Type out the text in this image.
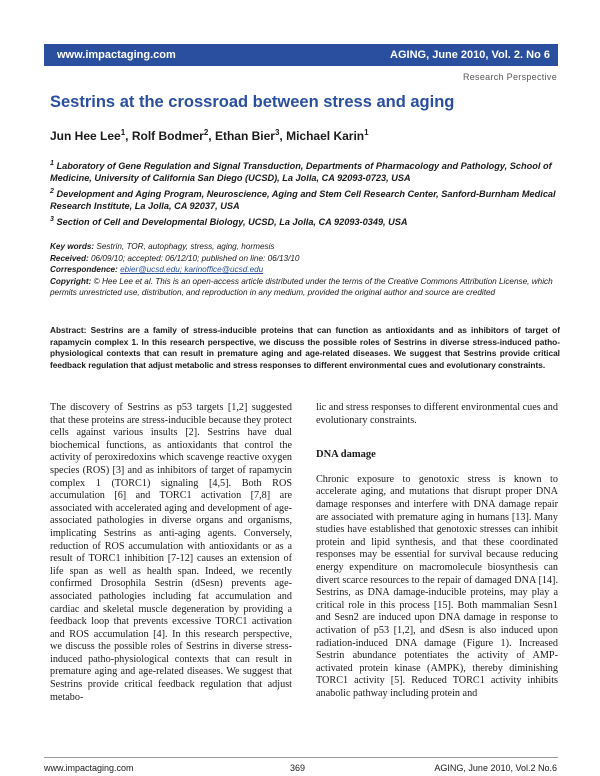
www.impactaging.com	AGING, June 2010, Vol. 2. No 6
Research Perspective
Sestrins at the crossroad between stress and aging
Jun Hee Lee$^1$, Rolf Bodmer$^2$, Ethan Bier$^3$, Michael Karin$^1$
$^1$ Laboratory of Gene Regulation and Signal Transduction, Departments of Pharmacology and Pathology, School of Medicine, University of California San Diego (UCSD), La Jolla, CA 92093-0723, USA
$^2$ Development and Aging Program, Neuroscience, Aging and Stem Cell Research Center, Sanford-Burnham Medical Research Institute, La Jolla, CA 92037, USA
$^3$ Section of Cell and Developmental Biology, UCSD, La Jolla, CA 92093-0349, USA
Key words: Sestrin, TOR, autophagy, stress, aging, hormesis
Received: 06/09/10; accepted: 06/12/10; published on line: 06/13/10
Correspondence: ebier@ucsd.edu; karinoffice@ucsd.edu
Copyright: © Hee Lee et al. This is an open-access article distributed under the terms of the Creative Commons Attribution License, which permits unrestricted use, distribution, and reproduction in any medium, provided the original author and source are credited
Abstract: Sestrins are a family of stress-inducible proteins that can function as antioxidants and as inhibitors of target of rapamycin complex 1. In this research perspective, we discuss the possible roles of Sestrins in diverse stress-induced patho-physiological contexts that can result in premature aging and age-related diseases. We suggest that Sestrins provide critical feedback regulation that adjust metabolic and stress responses to different environmental cues and evolutionary constraints.

The discovery of Sestrins as p53 targets [1,2] suggested that these proteins are stress-inducible because they protect cells against various insults [2]. Sestrins have dual biochemical functions, as antioxidants that control the activity of peroxiredoxins which scavenge reactive oxygen species (ROS) [3] and as inhibitors of target of rapamycin complex 1 (TORC1) signaling [4,5]. Both ROS accumulation [6] and TORC1 activation [7,8] are associated with accelerated aging and development of age-associated pathologies in diverse organs and organisms, implicating Sestrins as anti-aging agents. Conversely, reduction of ROS accumulation with antioxidants or as a result of TORC1 inhibition [7-12] causes an extension of life span as well as health span. Indeed, we recently confirmed Drosophila Sestrin (dSesn) prevents age-associated pathologies including fat accumulation and cardiac and skeletal muscle degeneration by providing a feedback loop that prevents excessive TORC1 activation and ROS accumulation [4]. In this research perspective, we discuss the possible roles of Sestrins in diverse stress-induced patho-physiological contexts that can result in premature aging and age-related diseases. We suggest that Sestrins provide critical feedback regulation that adjust metabo-

lic and stress responses to different environmental cues and evolutionary constraints.

DNA damage

Chronic exposure to genotoxic stress is known to accelerate aging, and mutations that disrupt proper DNA damage responses and interfere with DNA damage repair are associated with premature aging in humans [13]. Many studies have established that genotoxic stresses can inhibit protein and lipid synthesis, and that these coordinated responses may be essential for survival because reducing energy expenditure on macromolecule biosynthesis can divert scarce resources to the repair of damaged DNA [14]. Sestrins, as DNA damage-inducible proteins, may play a critical role in this process [15]. Both mammalian Sesn1 and Sesn2 are induced upon DNA damage in response to activation of p53 [1,2], and dSesn is also induced upon radiation-induced DNA damage (Figure 1). Increased Sestrin abundance potentiates the activity of AMP-activated protein kinase (AMPK), thereby diminishing TORC1 activity [5]. Reduced TORC1 activity inhibits anabolic pathway including protein and

www.impactaging.com	369	AGING, June 2010, Vol.2 No.6
